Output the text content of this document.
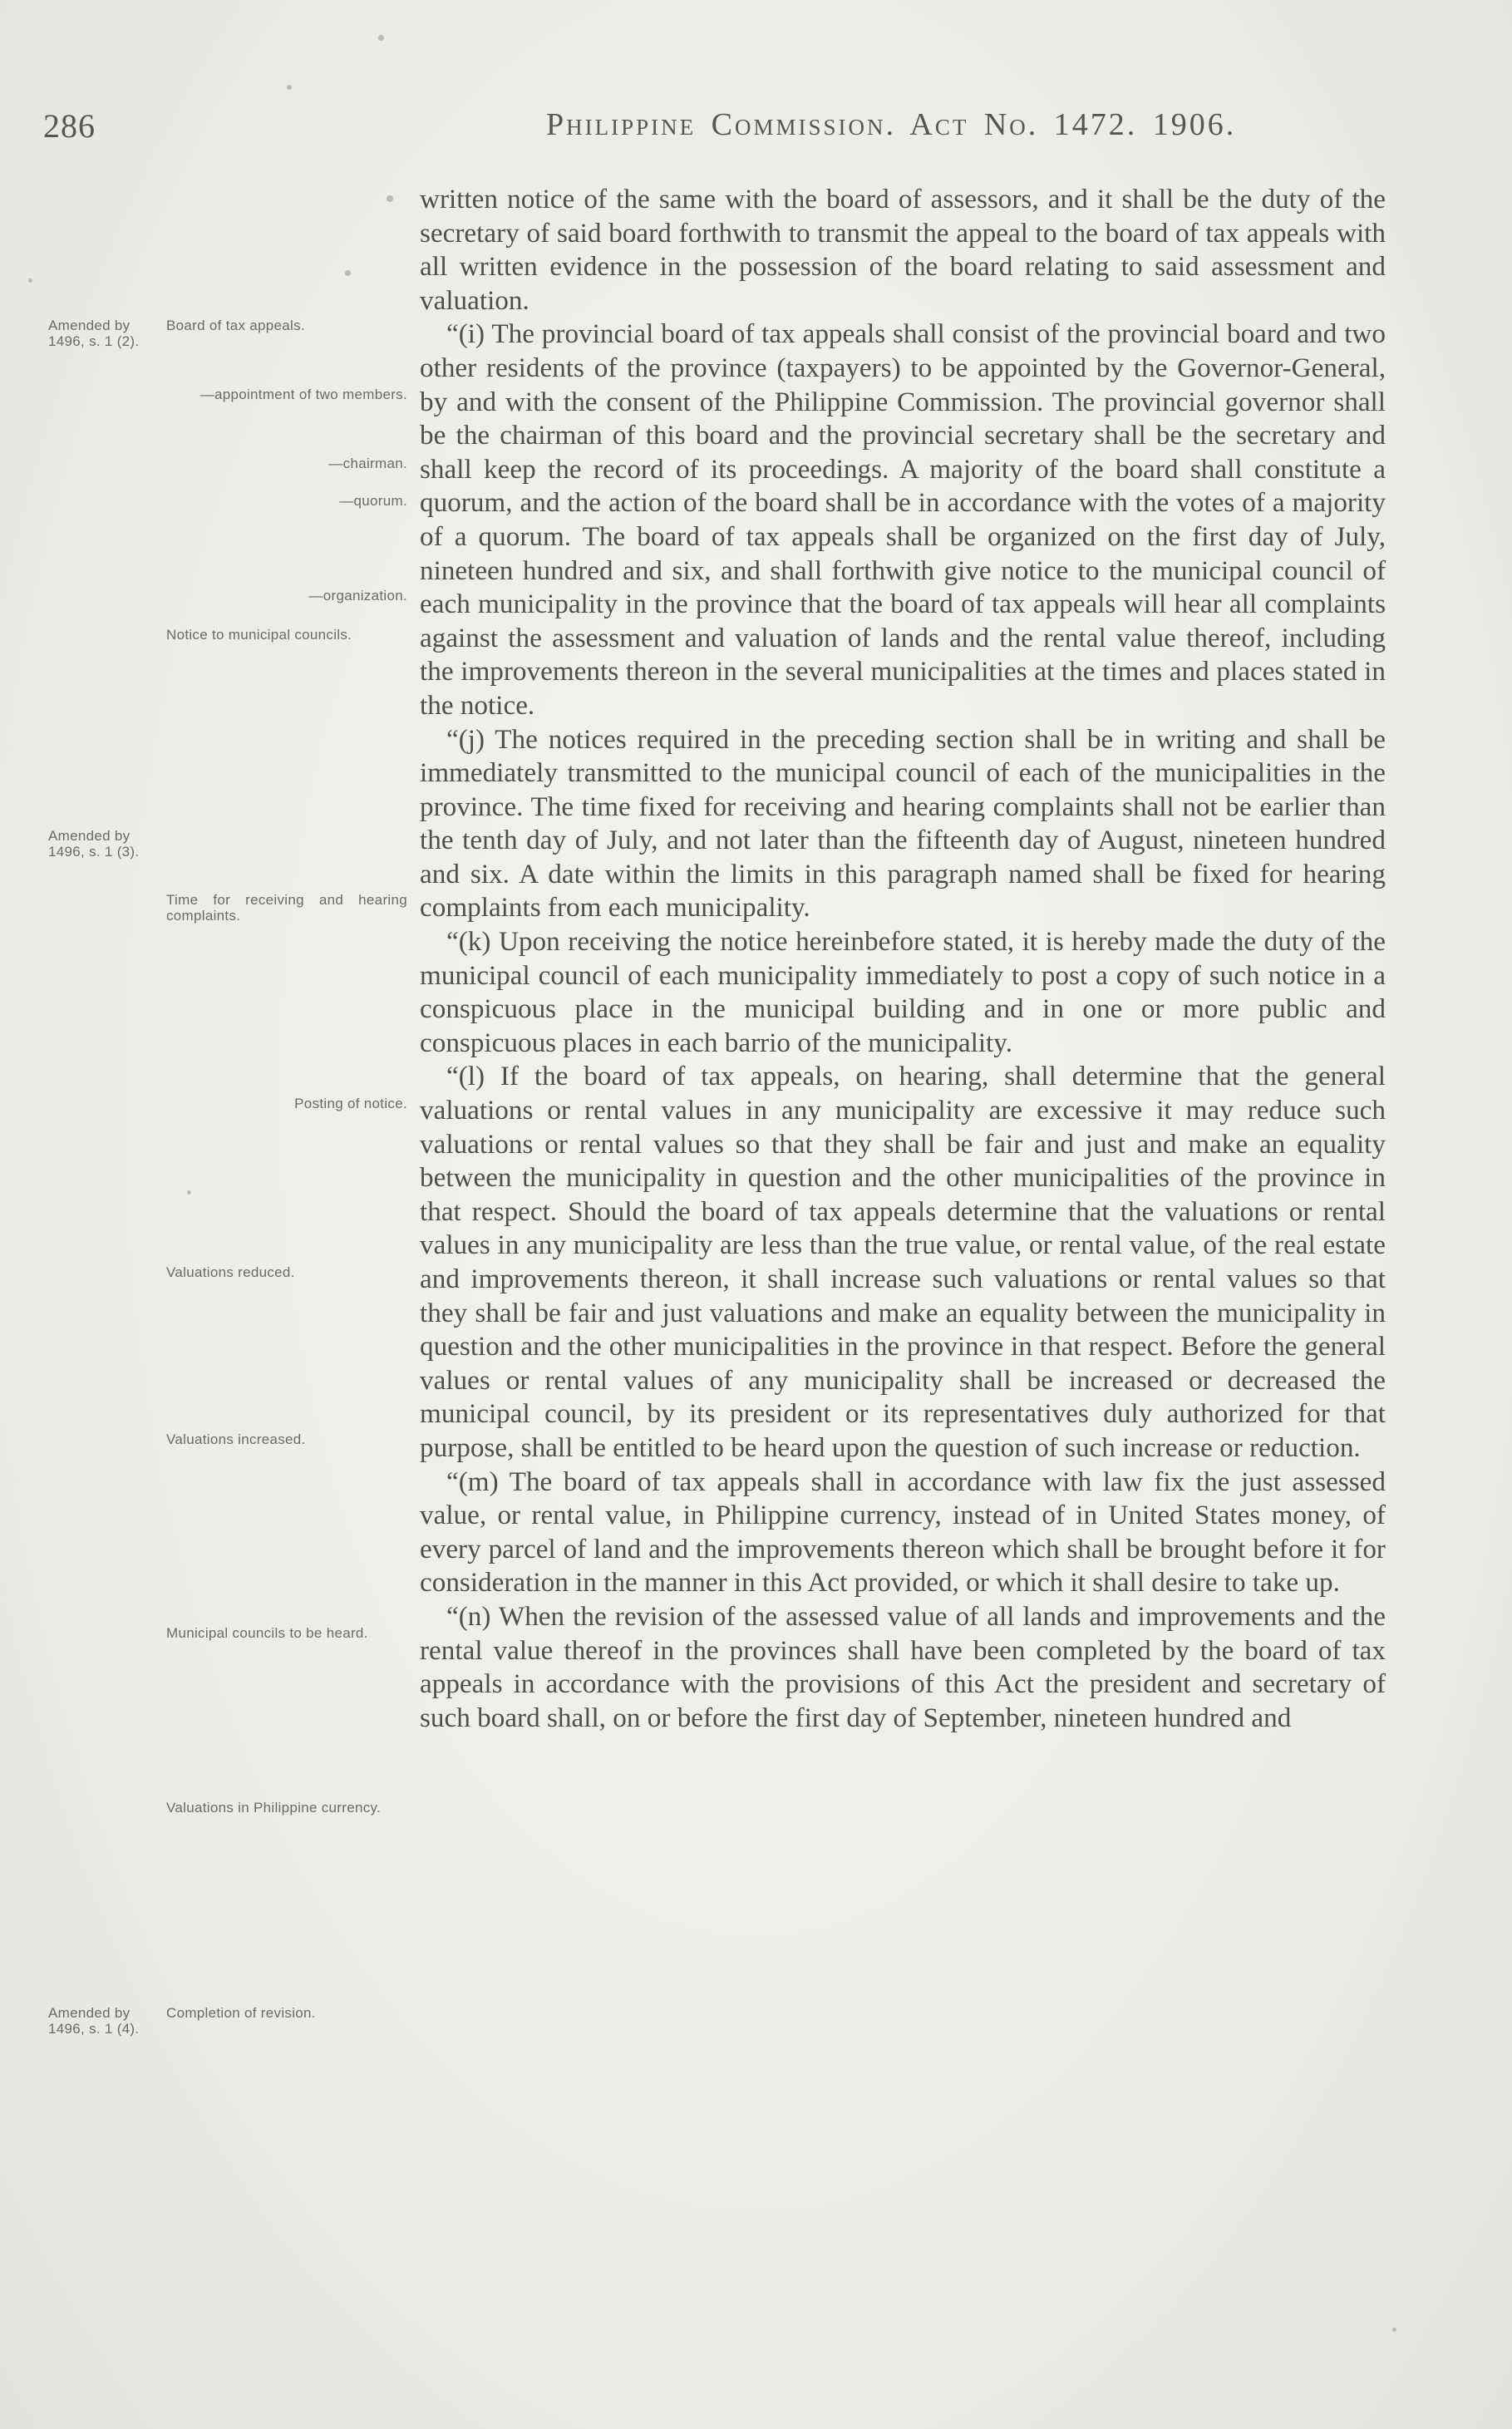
286	Philippine Commission. Act No. 1472. 1906.

written notice of the same with the board of assessors, and it shall be the duty of the secretary of said board forthwith to transmit the appeal to the board of tax appeals with all written evidence in the possession of the board relating to said assessment and valuation.

“(i) The provincial board of tax appeals shall consist of the provincial board and two other residents of the province (taxpayers) to be appointed by the Governor-General, by and with the consent of the Philippine Commission. The provincial governor shall be the chairman of this board and the provincial secretary shall be the secretary and shall keep the record of its proceedings. A majority of the board shall constitute a quorum, and the action of the board shall be in accordance with the votes of a majority of a quorum. The board of tax appeals shall be organized on the first day of July, nineteen hundred and six, and shall forthwith give notice to the municipal council of each municipality in the province that the board of tax appeals will hear all complaints against the assessment and valuation of lands and the rental value thereof, including the improvements thereon in the several municipalities at the times and places stated in the notice.

“(j) The notices required in the preceding section shall be in writing and shall be immediately transmitted to the municipal council of each of the municipalities in the province. The time fixed for receiving and hearing complaints shall not be earlier than the tenth day of July, and not later than the fifteenth day of August, nineteen hundred and six. A date within the limits in this paragraph named shall be fixed for hearing complaints from each municipality.

“(k) Upon receiving the notice hereinbefore stated, it is hereby made the duty of the municipal council of each municipality immediately to post a copy of such notice in a conspicuous place in the municipal building and in one or more public and conspicuous places in each barrio of the municipality.

“(l) If the board of tax appeals, on hearing, shall determine that the general valuations or rental values in any municipality are excessive it may reduce such valuations or rental values so that they shall be fair and just and make an equality between the municipality in question and the other municipalities of the province in that respect. Should the board of tax appeals determine that the valuations or rental values in any municipality are less than the true value, or rental value, of the real estate and improvements thereon, it shall increase such valuations or rental values so that they shall be fair and just valuations and make an equality between the municipality in question and the other municipalities in the province in that respect. Before the general values or rental values of any municipality shall be increased or decreased the municipal council, by its president or its representatives duly authorized for that purpose, shall be entitled to be heard upon the question of such increase or reduction.

“(m) The board of tax appeals shall in accordance with law fix the just assessed value, or rental value, in Philippine currency, instead of in United States money, of every parcel of land and the improvements thereon which shall be brought before it for consideration in the manner in this Act provided, or which it shall desire to take up.

“(n) When the revision of the assessed value of all lands and improvements and the rental value thereof in the provinces shall have been completed by the board of tax appeals in accordance with the provisions of this Act the president and secretary of such board shall, on or before the first day of September, nineteen hundred and

Amended by 1496, s. 1 (2).
Board of tax appeals.
—appointment of two members.
—chairman.
—quorum.
—organization.
Notice to municipal councils.
Amended by 1496, s. 1 (3).
Time for receiving and hearing complaints.
Posting of notice.
Valuations reduced.
Valuations increased.
Municipal councils to be heard.
Valuations in Philippine currency.
Amended by 1496, s. 1 (4).
Completion of revision.
